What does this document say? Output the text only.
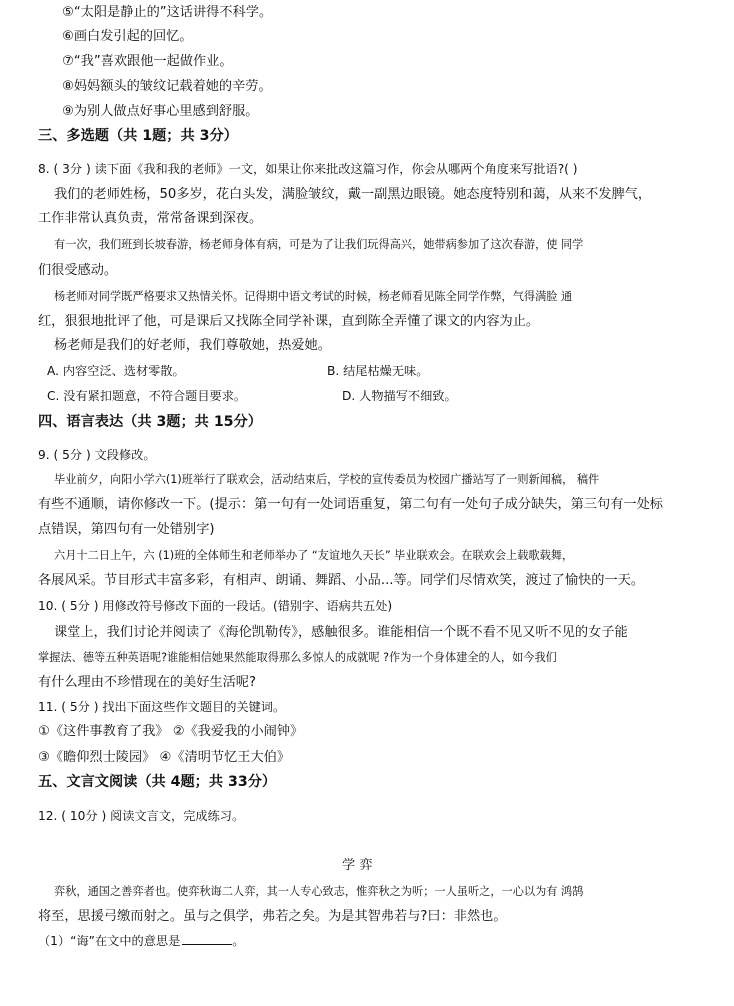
⑤“太阳是静止的”这话讲得不科学。
⑥画白发引起的回忆。
⑦“我”喜欢跟他一起做作业。
⑧妈妈额头的皱纹记载着她的辛劳。
⑨为别人做点好事心里感到舒服。
三、多选题（共 1题；共 3分）
8. ( 3分 ) 读下面《我和我的老师》一文，如果让你来批改这篇习作，你会从哪两个角度来写批语?( )
我们的老师姓杨，50多岁，花白头发，满脸皱纹，戴一副黑边眼镜。她态度特别和蔼，从来不发脾气，
工作非常认真负责，常常备课到深夜。
有一次，我们班到长坡春游，杨老师身体有病，可是为了让我们玩得高兴，她带病参加了这次春游，使 同学
们很受感动。
杨老师对同学既严格要求又热情关怀。记得期中语文考试的时候，杨老师看见陈全同学作弊，气得满脸 通
红，狠狠地批评了他，可是课后又找陈全同学补课，直到陈全弄懂了课文的内容为止。
杨老师是我们的好老师，我们尊敬她，热爱她。
A. 内容空泛、选材零散。	B. 结尾枯燥无味。
C. 没有紧扣题意，不符合题目要求。	D. 人物描写不细致。
四、语言表达（共 3题；共 15分）
9. ( 5分 ) 文段修改。
毕业前夕，向阳小学六(1)班举行了联欢会，活动结束后，学校的宣传委员为校园广播站写了一则新闻稿， 稿件
有些不通顺，请你修改一下。(提示：第一句有一处词语重复，第二句有一处句子成分缺失，第三句有一处标
点错误，第四句有一处错别字)
六月十二日上午，六 (1)班的全体师生和老师举办了 “友谊地久天长” 毕业联欢会。在联欢会上载歌载舞，
各展风采。节目形式丰富多彩，有相声、朗诵、舞蹈、小品...等。同学们尽情欢笑，渡过了愉快的一天。
10. ( 5分 ) 用修改符号修改下面的一段话。(错别字、语病共五处)
课堂上，我们讨论并阅读了《海伦凯勒传》，感触很多。谁能相信一个既不看不见又听不见的女子能
掌握法、德等五种英语呢?谁能相信她果然能取得那么多惊人的成就呢 ?作为一个身体建全的人，如今我们
有什么理由不珍惜现在的美好生活呢?
11. ( 5分 ) 找出下面这些作文题目的关键词。
①《这件事教育了我》 ②《我爱我的小闹钟》
③《瞻仰烈士陵园》 ④《清明节忆王大伯》
五、文言文阅读（共 4题；共 33分）
12. ( 10分 ) 阅读文言文，完成练习。
学 弈
弈秋，通国之善弈者也。使弈秋诲二人弈，其一人专心致志，惟弈秋之为听；一人虽听之，一心以为有 鸿鹄
将至，思援弓缴而射之。虽与之俱学，弗若之矣。为是其智弗若与?曰：非然也。
（1）“诲”在文中的意思是	。
